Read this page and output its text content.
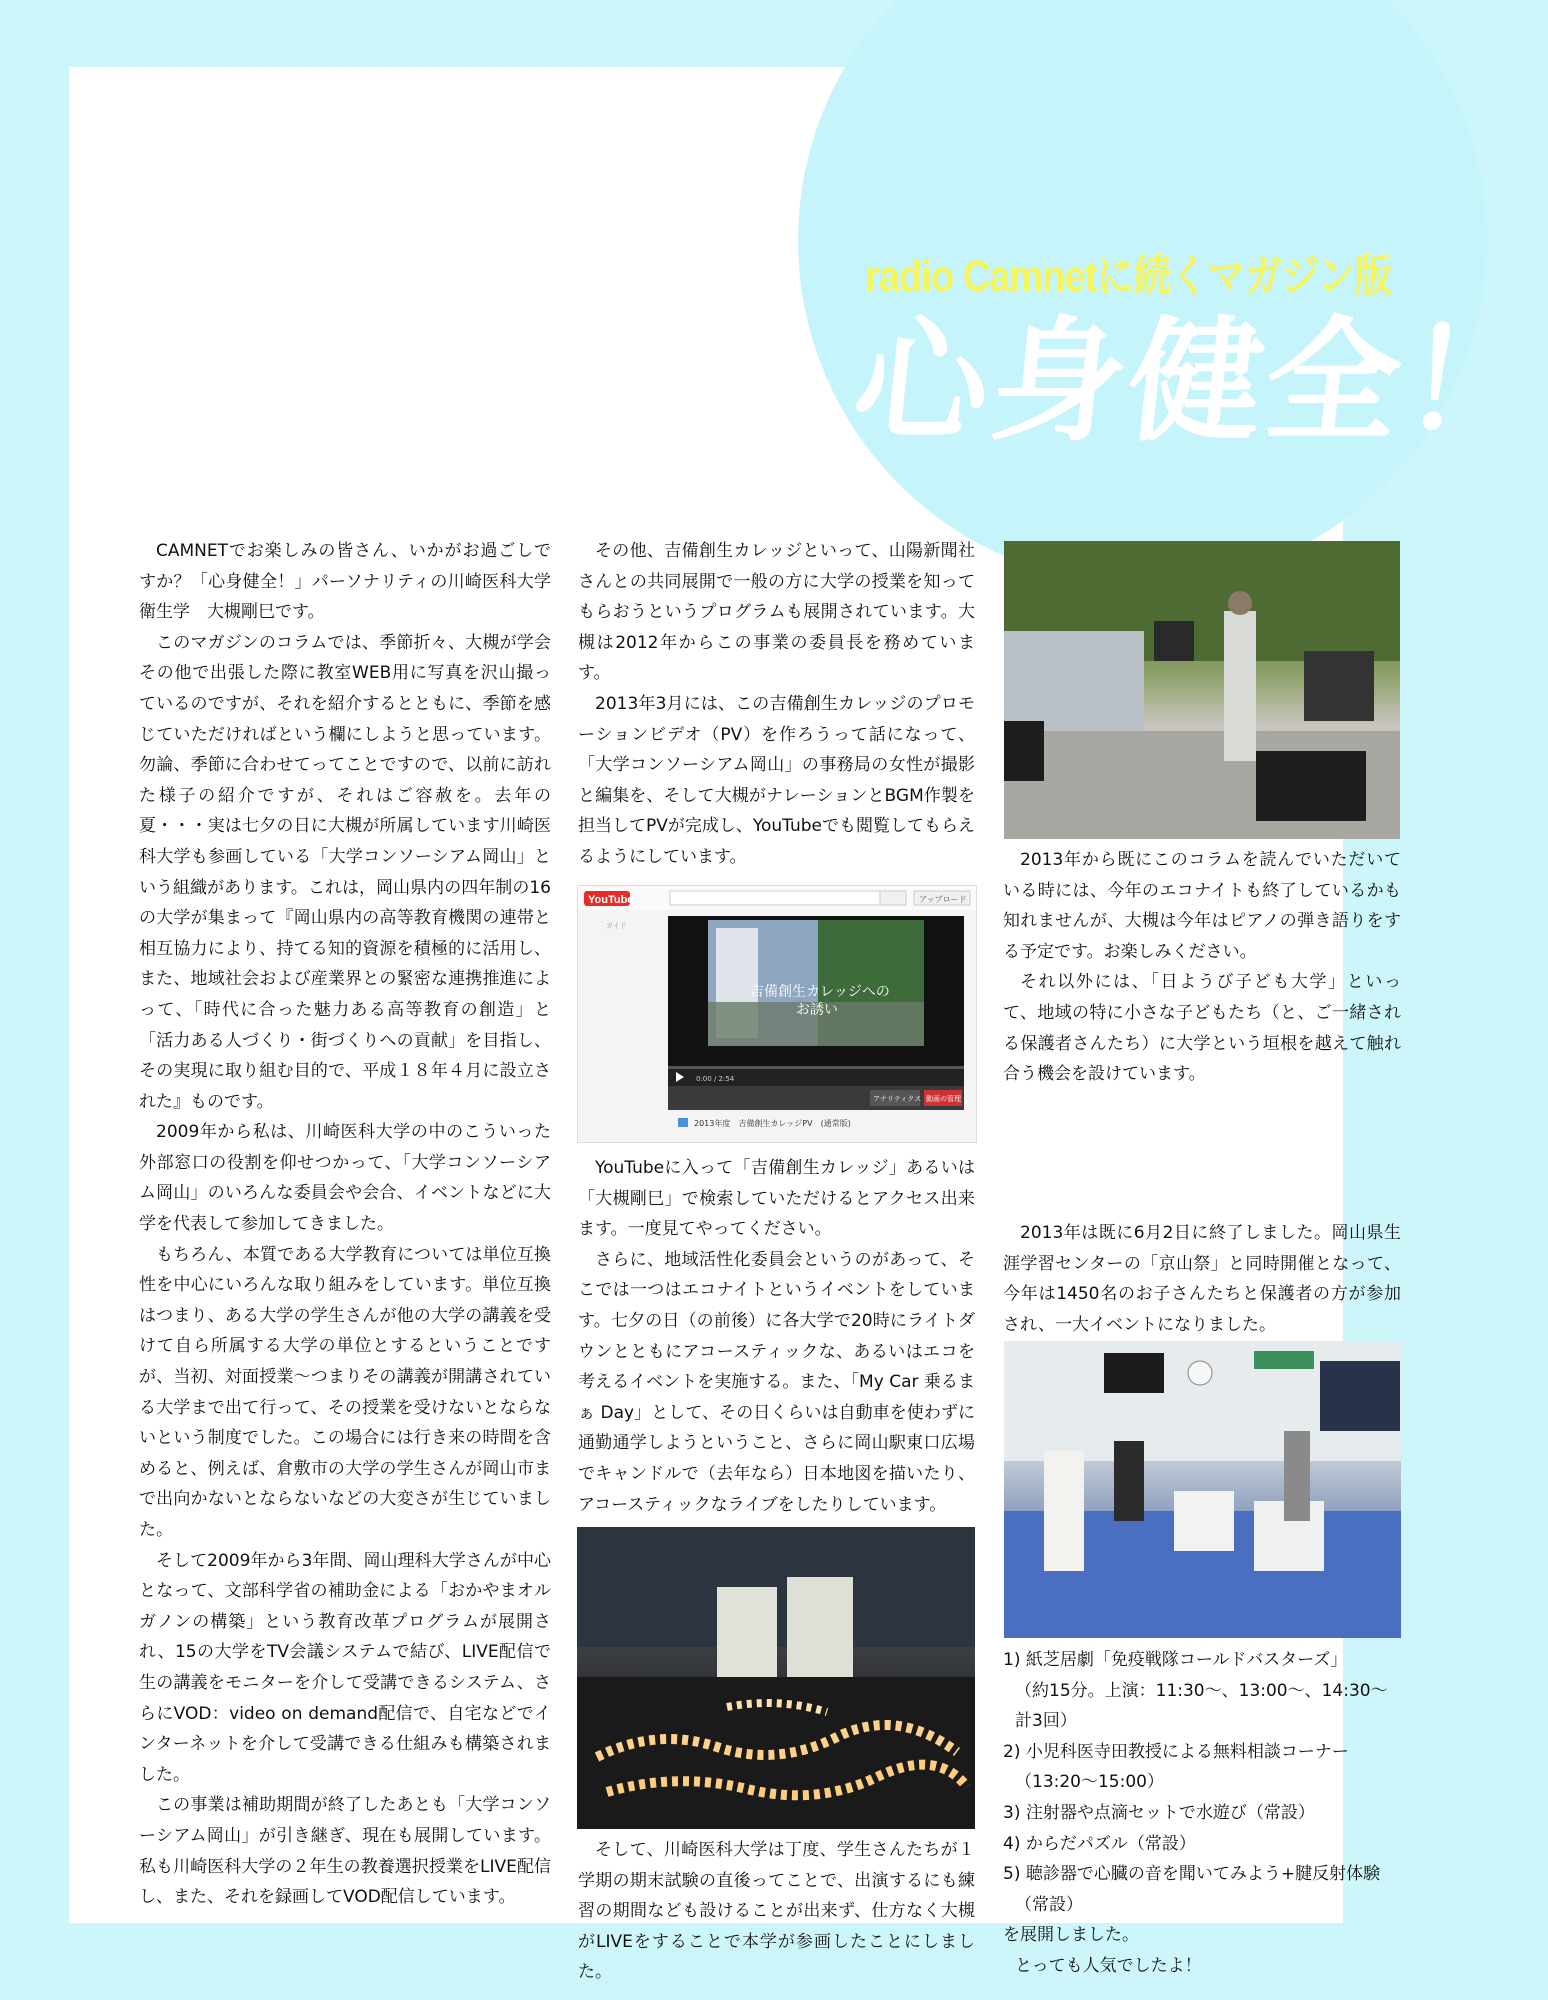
radio Camnetに続くマガジン版
心身健全！

CAMNETでお楽しみの皆さん、いかがお過ごしですか？「心身健全！」パーソナリティの川崎医科大学　衛生学　大槻剛巳です。

このマガジンのコラムでは、季節折々、大槻が学会その他で出張した際に教室WEB用に写真を沢山撮っているのですが、それを紹介するとともに、季節を感じていただければという欄にしようと思っています。勿論、季節に合わせてってことですので、以前に訪れた様子の紹介ですが、それはご容赦を。去年の夏・・・実は七夕の日に大槻が所属しています川崎医科大学も参画している「大学コンソーシアム岡山」という組織があります。これは，岡山県内の四年制の16の大学が集まって『岡山県内の高等教育機関の連帯と相互協力により、持てる知的資源を積極的に活用し、また、地域社会および産業界との緊密な連携推進によって、「時代に合った魅力ある高等教育の創造」と「活力ある人づくり・街づくりへの貢献」を目指し、その実現に取り組む目的で、平成１８年４月に設立された』ものです。

2009年から私は、川崎医科大学の中のこういった外部窓口の役割を仰せつかって、「大学コンソーシアム岡山」のいろんな委員会や会合、イベントなどに大学を代表して参加してきました。

もちろん、本質である大学教育については単位互換性を中心にいろんな取り組みをしています。単位互換はつまり、ある大学の学生さんが他の大学の講義を受けて自ら所属する大学の単位とするということですが、当初、対面授業～つまりその講義が開講されている大学まで出て行って、その授業を受けないとならないという制度でした。この場合には行き来の時間を含めると、例えば、倉敷市の大学の学生さんが岡山市まで出向かないとならないなどの大変さが生じていました。

そして2009年から3年間、岡山理科大学さんが中心となって、文部科学省の補助金による「おかやまオルガノンの構築」という教育改革プログラムが展開され、15の大学をTV会議システムで結び、LIVE配信で生の講義をモニターを介して受講できるシステム、さらにVOD：video on demand配信で、自宅などでインターネットを介して受講できる仕組みも構築されました。

この事業は補助期間が終了したあとも「大学コンソーシアム岡山」が引き継ぎ、現在も展開しています。私も川崎医科大学の２年生の教養選択授業をLIVE配信し、また、それを録画してVOD配信しています。

その他、吉備創生カレッジといって、山陽新聞社さんとの共同展開で一般の方に大学の授業を知ってもらおうというプログラムも展開されています。大槻は2012年からこの事業の委員長を務めています。

2013年3月には、この吉備創生カレッジのプロモーションビデオ（PV）を作ろうって話になって、「大学コンソーシアム岡山」の事務局の女性が撮影と編集を、そして大槻がナレーションとBGM作製を担当してPVが完成し、YouTubeでも閲覧してもらえるようにしています。

YouTube	アップロード
ガイド
吉備創生カレッジへの
お誘い
0:00 / 2:54
アナリティクス 動画の管理
2013年度　吉備創生カレッジPV　(通常版)

YouTubeに入って「吉備創生カレッジ」あるいは「大槻剛巳」で検索していただけるとアクセス出来ます。一度見てやってください。

さらに、地域活性化委員会というのがあって、そこでは一つはエコナイトというイベントをしています。七夕の日（の前後）に各大学で20時にライトダウンとともにアコースティックな、あるいはエコを考えるイベントを実施する。また、「My Car 乗るまぁ Day」として、その日くらいは自動車を使わずに通勤通学しようということ、さらに岡山駅東口広場でキャンドルで（去年なら）日本地図を描いたり、アコースティックなライブをしたりしています。

そして、川崎医科大学は丁度、学生さんたちが１学期の期末試験の直後ってことで、出演するにも練習の期間なども設けることが出来ず、仕方なく大槻がLIVEをすることで本学が参画したことにしました。

2013年から既にこのコラムを読んでいただいている時には、今年のエコナイトも終了しているかも知れませんが、大槻は今年はピアノの弾き語りをする予定です。お楽しみください。

それ以外には、「日ようび子ども大学」といって、地域の特に小さな子どもたち（と、ご一緒される保護者さんたち）に大学という垣根を越えて触れ合う機会を設けています。

2013年は既に6月2日に終了しました。岡山県生涯学習センターの「京山祭」と同時開催となって、今年は1450名のお子さんたちと保護者の方が参加され、一大イベントになりました。

1) 紙芝居劇「免疫戦隊コールドバスターズ」
（約15分。上演：11:30～、13:00～、14:30～計3回）
2) 小児科医寺田教授による無料相談コーナー
（13:20～15:00）
3) 注射器や点滴セットで水遊び（常設）
4) からだパズル（常設）
5) 聴診器で心臓の音を聞いてみよう+腱反射体験
（常設）
を展開しました。
とっても人気でしたよ！
